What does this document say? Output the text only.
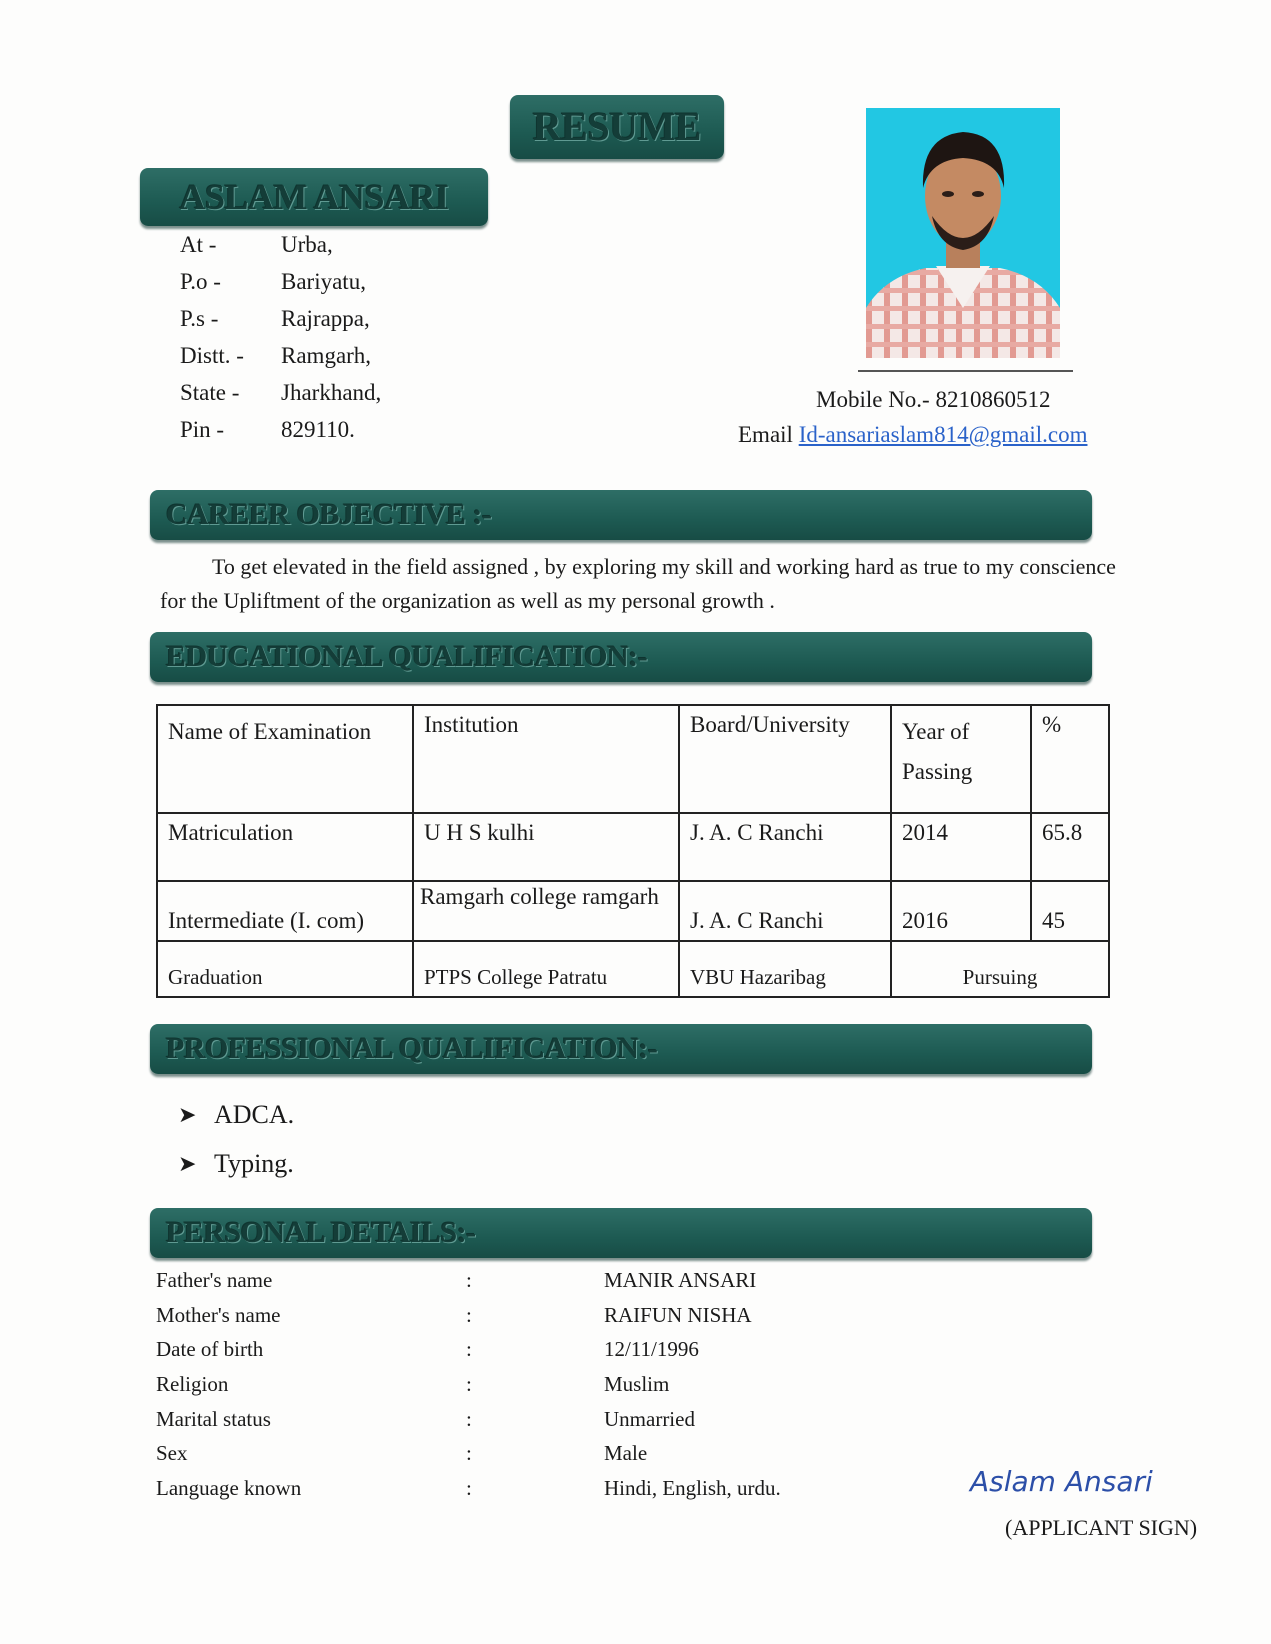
RESUME
ASLAM ANSARI
At -	Urba,
P.o -	Bariyatu,
P.s -	Rajrappa,
Distt. -	Ramgarh,
State -	Jharkhand,
Pin -	829110.
Mobile No.- 8210860512
Email Id-ansariaslam814@gmail.com
CAREER OBJECTIVE :-
To get elevated in the field assigned , by exploring my skill and working hard as true to my conscience for the Upliftment of the organization as well as my personal growth .
EDUCATIONAL QUALIFICATION:-
Name of Examination	Institution	Board/University	Year of Passing	%
Matriculation	U H S kulhi	J. A. C Ranchi	2014	65.8
Intermediate (I. com)	Ramgarh college ramgarh	J. A. C Ranchi	2016	45
Graduation	PTPS College Patratu	VBU Hazaribag	Pursuing	
PROFESSIONAL QUALIFICATION:-
➤ ADCA.
➤ Typing.
PERSONAL DETAILS:-
Father's name	:	MANIR ANSARI
Mother's name	:	RAIFUN NISHA
Date of birth	:	12/11/1996
Religion	:	Muslim
Marital status	:	Unmarried
Sex	:	Male
Language known	:	Hindi, English, urdu.	Aslam Ansari
(APPLICANT SIGN)
